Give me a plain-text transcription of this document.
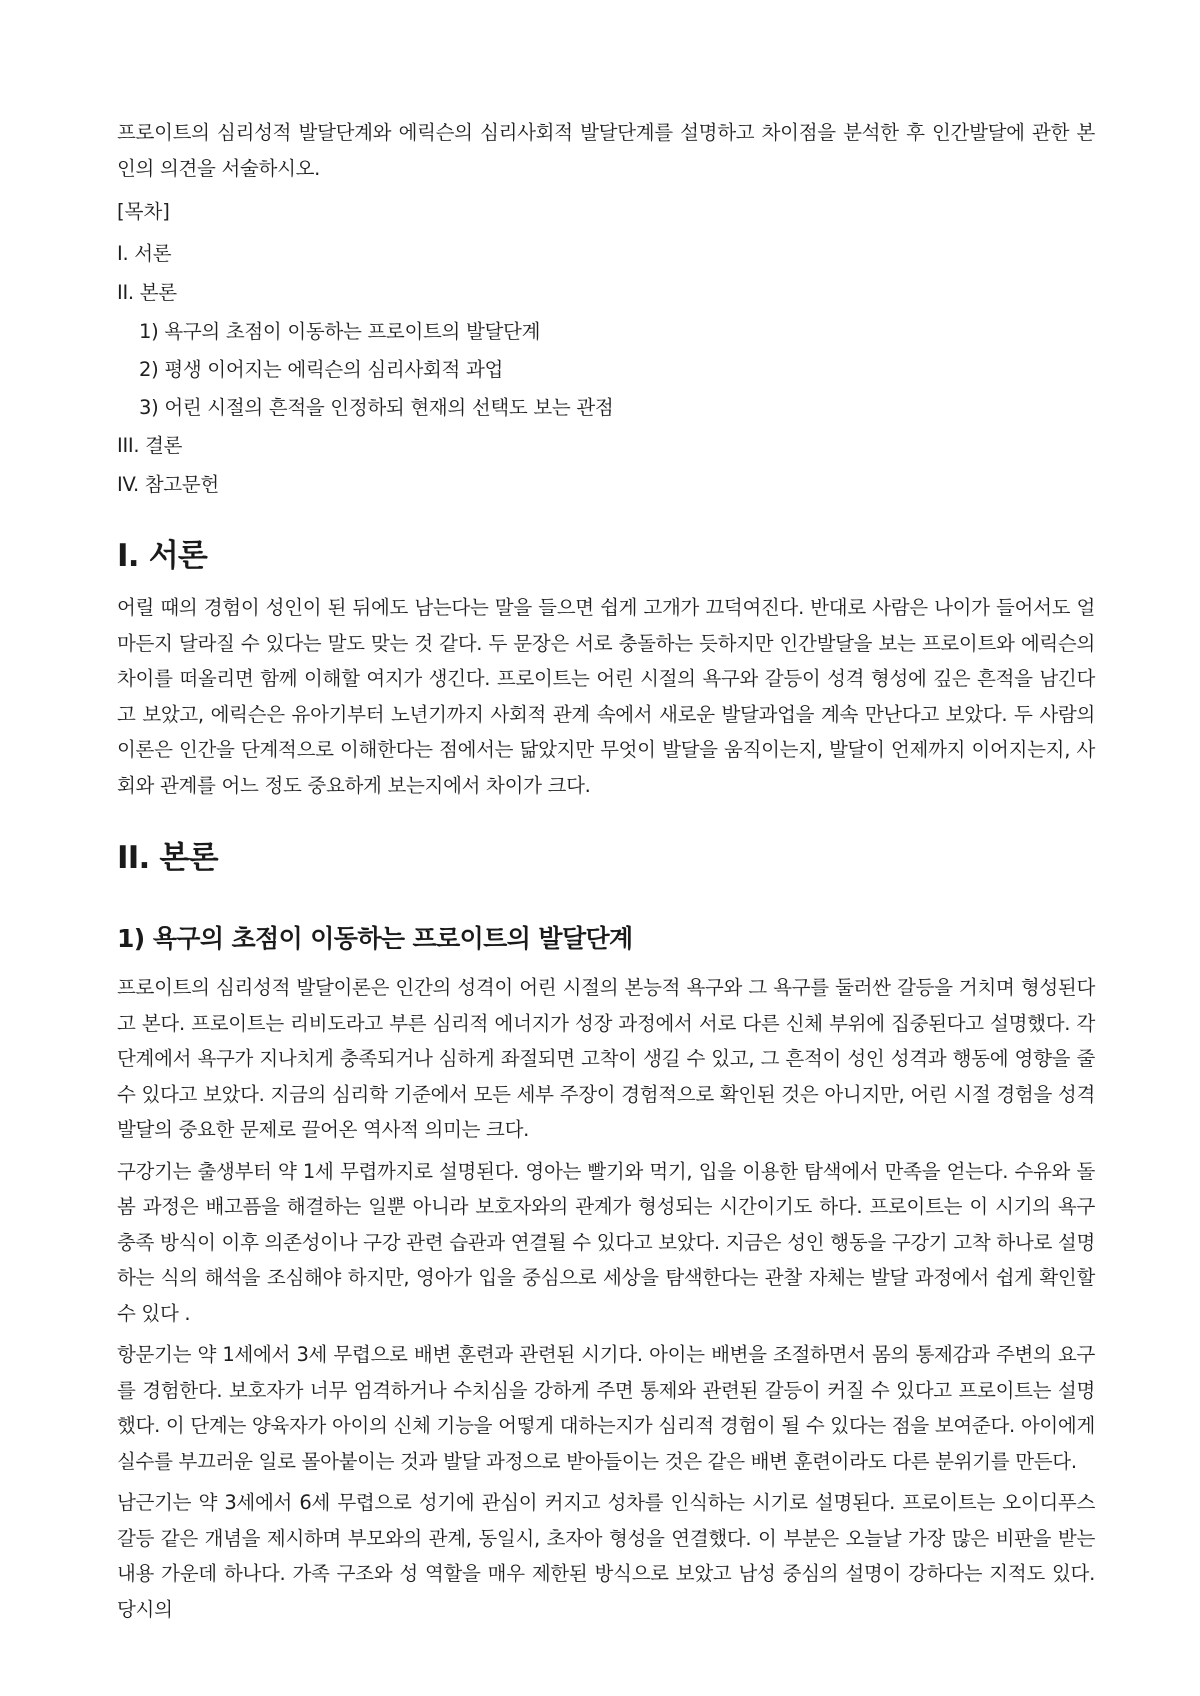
프로이트의 심리성적 발달단계와 에릭슨의 심리사회적 발달단계를 설명하고 차이점을 분석한 후 인간발달에 관한 본인의 의견을 서술하시오.

[목차]
I. 서론
II. 본론
1) 욕구의 초점이 이동하는 프로이트의 발달단계
2) 평생 이어지는 에릭슨의 심리사회적 과업
3) 어린 시절의 흔적을 인정하되 현재의 선택도 보는 관점
III. 결론
IV. 참고문헌
I. 서론

어릴 때의 경험이 성인이 된 뒤에도 남는다는 말을 들으면 쉽게 고개가 끄덕여진다. 반대로 사람은 나이가 들어서도 얼마든지 달라질 수 있다는 말도 맞는 것 같다. 두 문장은 서로 충돌하는 듯하지만 인간발달을 보는 프로이트와 에릭슨의 차이를 떠올리면 함께 이해할 여지가 생긴다. 프로이트는 어린 시절의 욕구와 갈등이 성격 형성에 깊은 흔적을 남긴다고 보았고, 에릭슨은 유아기부터 노년기까지 사회적 관계 속에서 새로운 발달과업을 계속 만난다고 보았다. 두 사람의 이론은 인간을 단계적으로 이해한다는 점에서는 닮았지만 무엇이 발달을 움직이는지, 발달이 언제까지 이어지는지, 사회와 관계를 어느 정도 중요하게 보는지에서 차이가 크다.

II. 본론
1) 욕구의 초점이 이동하는 프로이트의 발달단계

프로이트의 심리성적 발달이론은 인간의 성격이 어린 시절의 본능적 욕구와 그 욕구를 둘러싼 갈등을 거치며 형성된다고 본다. 프로이트는 리비도라고 부른 심리적 에너지가 성장 과정에서 서로 다른 신체 부위에 집중된다고 설명했다. 각 단계에서 욕구가 지나치게 충족되거나 심하게 좌절되면 고착이 생길 수 있고, 그 흔적이 성인 성격과 행동에 영향을 줄 수 있다고 보았다. 지금의 심리학 기준에서 모든 세부 주장이 경험적으로 확인된 것은 아니지만, 어린 시절 경험을 성격 발달의 중요한 문제로 끌어온 역사적 의미는 크다.

구강기는 출생부터 약 1세 무렵까지로 설명된다. 영아는 빨기와 먹기, 입을 이용한 탐색에서 만족을 얻는다. 수유와 돌봄 과정은 배고픔을 해결하는 일뿐 아니라 보호자와의 관계가 형성되는 시간이기도 하다. 프로이트는 이 시기의 욕구 충족 방식이 이후 의존성이나 구강 관련 습관과 연결될 수 있다고 보았다. 지금은 성인 행동을 구강기 고착 하나로 설명하는 식의 해석을 조심해야 하지만, 영아가 입을 중심으로 세상을 탐색한다는 관찰 자체는 발달 과정에서 쉽게 확인할 수 있다 .

항문기는 약 1세에서 3세 무렵으로 배변 훈련과 관련된 시기다. 아이는 배변을 조절하면서 몸의 통제감과 주변의 요구를 경험한다. 보호자가 너무 엄격하거나 수치심을 강하게 주면 통제와 관련된 갈등이 커질 수 있다고 프로이트는 설명했다. 이 단계는 양육자가 아이의 신체 기능을 어떻게 대하는지가 심리적 경험이 될 수 있다는 점을 보여준다. 아이에게 실수를 부끄러운 일로 몰아붙이는 것과 발달 과정으로 받아들이는 것은 같은 배변 훈련이라도 다른 분위기를 만든다.

남근기는 약 3세에서 6세 무렵으로 성기에 관심이 커지고 성차를 인식하는 시기로 설명된다. 프로이트는 오이디푸스 갈등 같은 개념을 제시하며 부모와의 관계, 동일시, 초자아 형성을 연결했다. 이 부분은 오늘날 가장 많은 비판을 받는 내용 가운데 하나다. 가족 구조와 성 역할을 매우 제한된 방식으로 보았고 남성 중심의 설명이 강하다는 지적도 있다. 당시의
